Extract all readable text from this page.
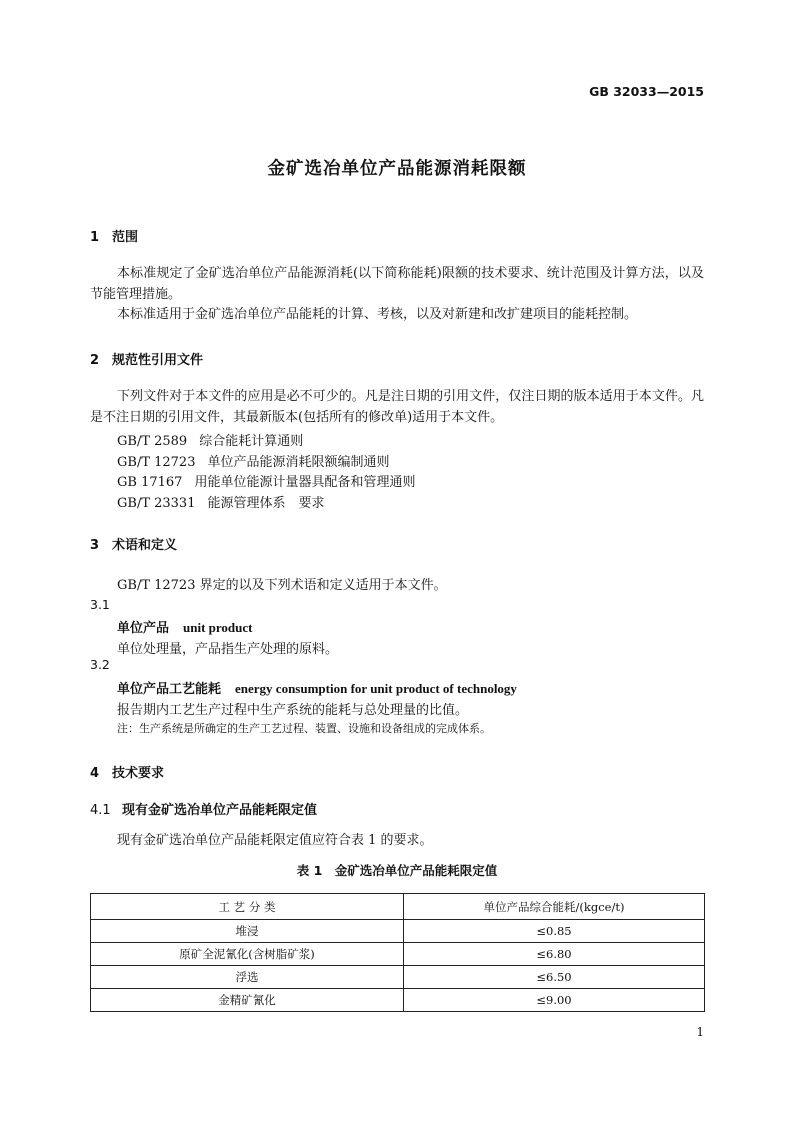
GB 32033—2015
金矿选冶单位产品能源消耗限额
1 范围
本标准规定了金矿选冶单位产品能源消耗(以下简称能耗)限额的技术要求、统计范围及计算方法，以及节能管理措施。
本标准适用于金矿选冶单位产品能耗的计算、考核，以及对新建和改扩建项目的能耗控制。
2 规范性引用文件
下列文件对于本文件的应用是必不可少的。凡是注日期的引用文件，仅注日期的版本适用于本文件。凡是不注日期的引用文件，其最新版本(包括所有的修改单)适用于本文件。
GB/T 2589 综合能耗计算通则
GB/T 12723 单位产品能源消耗限额编制通则
GB 17167 用能单位能源计量器具配备和管理通则
GB/T 23331 能源管理体系　要求
3 术语和定义
GB/T 12723 界定的以及下列术语和定义适用于本文件。
3.1
单位产品 unit product
单位处理量，产品指生产处理的原料。
3.2
单位产品工艺能耗 energy consumption for unit product of technology
报告期内工艺生产过程中生产系统的能耗与总处理量的比值。
注：生产系统是所确定的生产工艺过程、装置、设施和设备组成的完成体系。
4 技术要求
4.1 现有金矿选冶单位产品能耗限定值
现有金矿选冶单位产品能耗限定值应符合表 1 的要求。
表 1　金矿选冶单位产品能耗限定值
工 艺 分 类	单位产品综合能耗/(kgce/t)
堆浸	≤0.85
原矿全泥氰化(含树脂矿浆)	≤6.80
浮选	≤6.50
金精矿氰化	≤9.00
1
